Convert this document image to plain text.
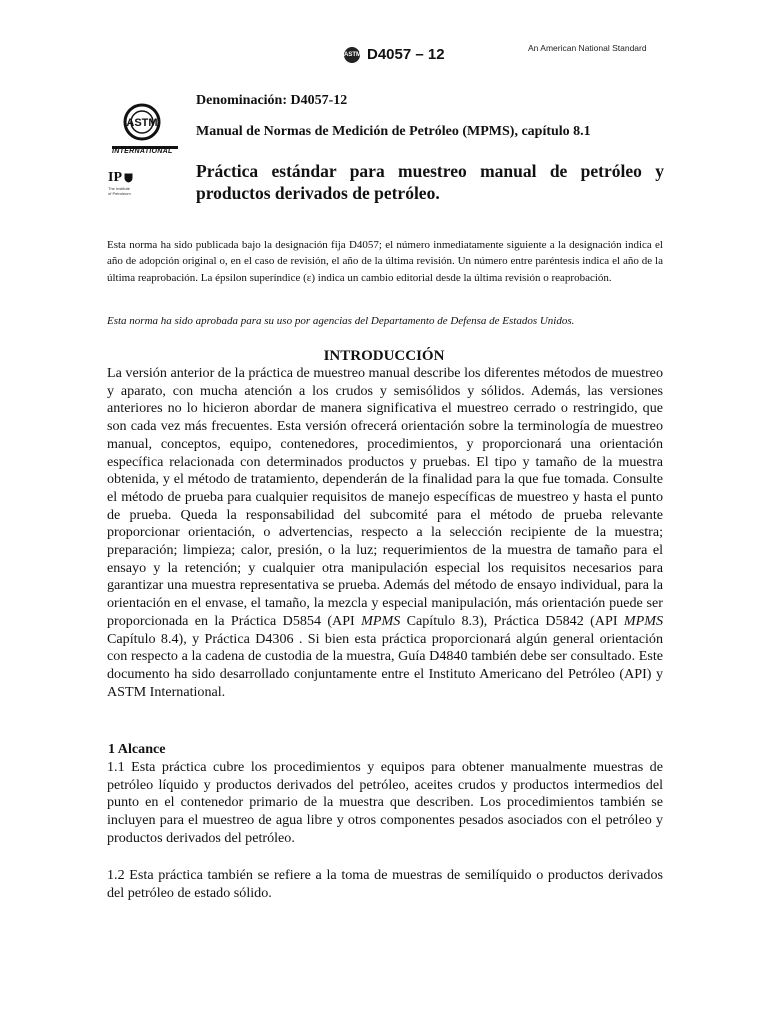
ASTM D4057 – 12	An American National Standard
ASTM
INTERNATIONAL
IP
The Institute
of Petroleum
Denominación: D4057-12
Manual de Normas de Medición de Petróleo (MPMS), capítulo 8.1
Práctica estándar para muestreo manual de petróleo y productos derivados de petróleo.
Esta norma ha sido publicada bajo la designación fija D4057; el número inmediatamente siguiente a la designación indica el año de adopción original o, en el caso de revisión, el año de la última revisión. Un número entre paréntesis indica el año de la última reaprobación. La épsilon superíndice (ε) indica un cambio editorial desde la última revisión o reaprobación.
Esta norma ha sido aprobada para su uso por agencias del Departamento de Defensa de Estados Unidos.
INTRODUCCIÓN
La versión anterior de la práctica de muestreo manual describe los diferentes métodos de muestreo y aparato, con mucha atención a los crudos y semisólidos y sólidos. Además, las versiones anteriores no lo hicieron abordar de manera significativa el muestreo cerrado o restringido, que son cada vez más frecuentes. Esta versión ofrecerá orientación sobre la terminología de muestreo manual, conceptos, equipo, contenedores, procedimientos, y proporcionará una orientación específica relacionada con determinados productos y pruebas. El tipo y tamaño de la muestra obtenida, y el método de tratamiento, dependerán de la finalidad para la que fue tomada. Consulte el método de prueba para cualquier requisitos de manejo específicas de muestreo y hasta el punto de prueba. Queda la responsabilidad del subcomité para el método de prueba relevante proporcionar orientación, o advertencias, respecto a la selección recipiente de la muestra; preparación; limpieza; calor, presión, o la luz; requerimientos de la muestra de tamaño para el ensayo y la retención; y cualquier otra manipulación especial los requisitos necesarios para garantizar una muestra representativa se prueba. Además del método de ensayo individual, para la orientación en el envase, el tamaño, la mezcla y especial manipulación, más orientación puede ser proporcionada en la Práctica D5854 (API MPMS Capítulo 8.3), Práctica D5842 (API MPMS Capítulo 8.4), y Práctica D4306 . Si bien esta práctica proporcionará algún general orientación con respecto a la cadena de custodia de la muestra, Guía D4840 también debe ser consultado. Este documento ha sido desarrollado conjuntamente entre el Instituto Americano del Petróleo (API) y ASTM International.
1 Alcance
1.1 Esta práctica cubre los procedimientos y equipos para obtener manualmente muestras de petróleo líquido y productos derivados del petróleo, aceites crudos y productos intermedios del punto en el contenedor primario de la muestra que describen. Los procedimientos también se incluyen para el muestreo de agua libre y otros componentes pesados asociados con el petróleo y productos derivados del petróleo.
1.2 Esta práctica también se refiere a la toma de muestras de semilíquido o productos derivados del petróleo de estado sólido.
